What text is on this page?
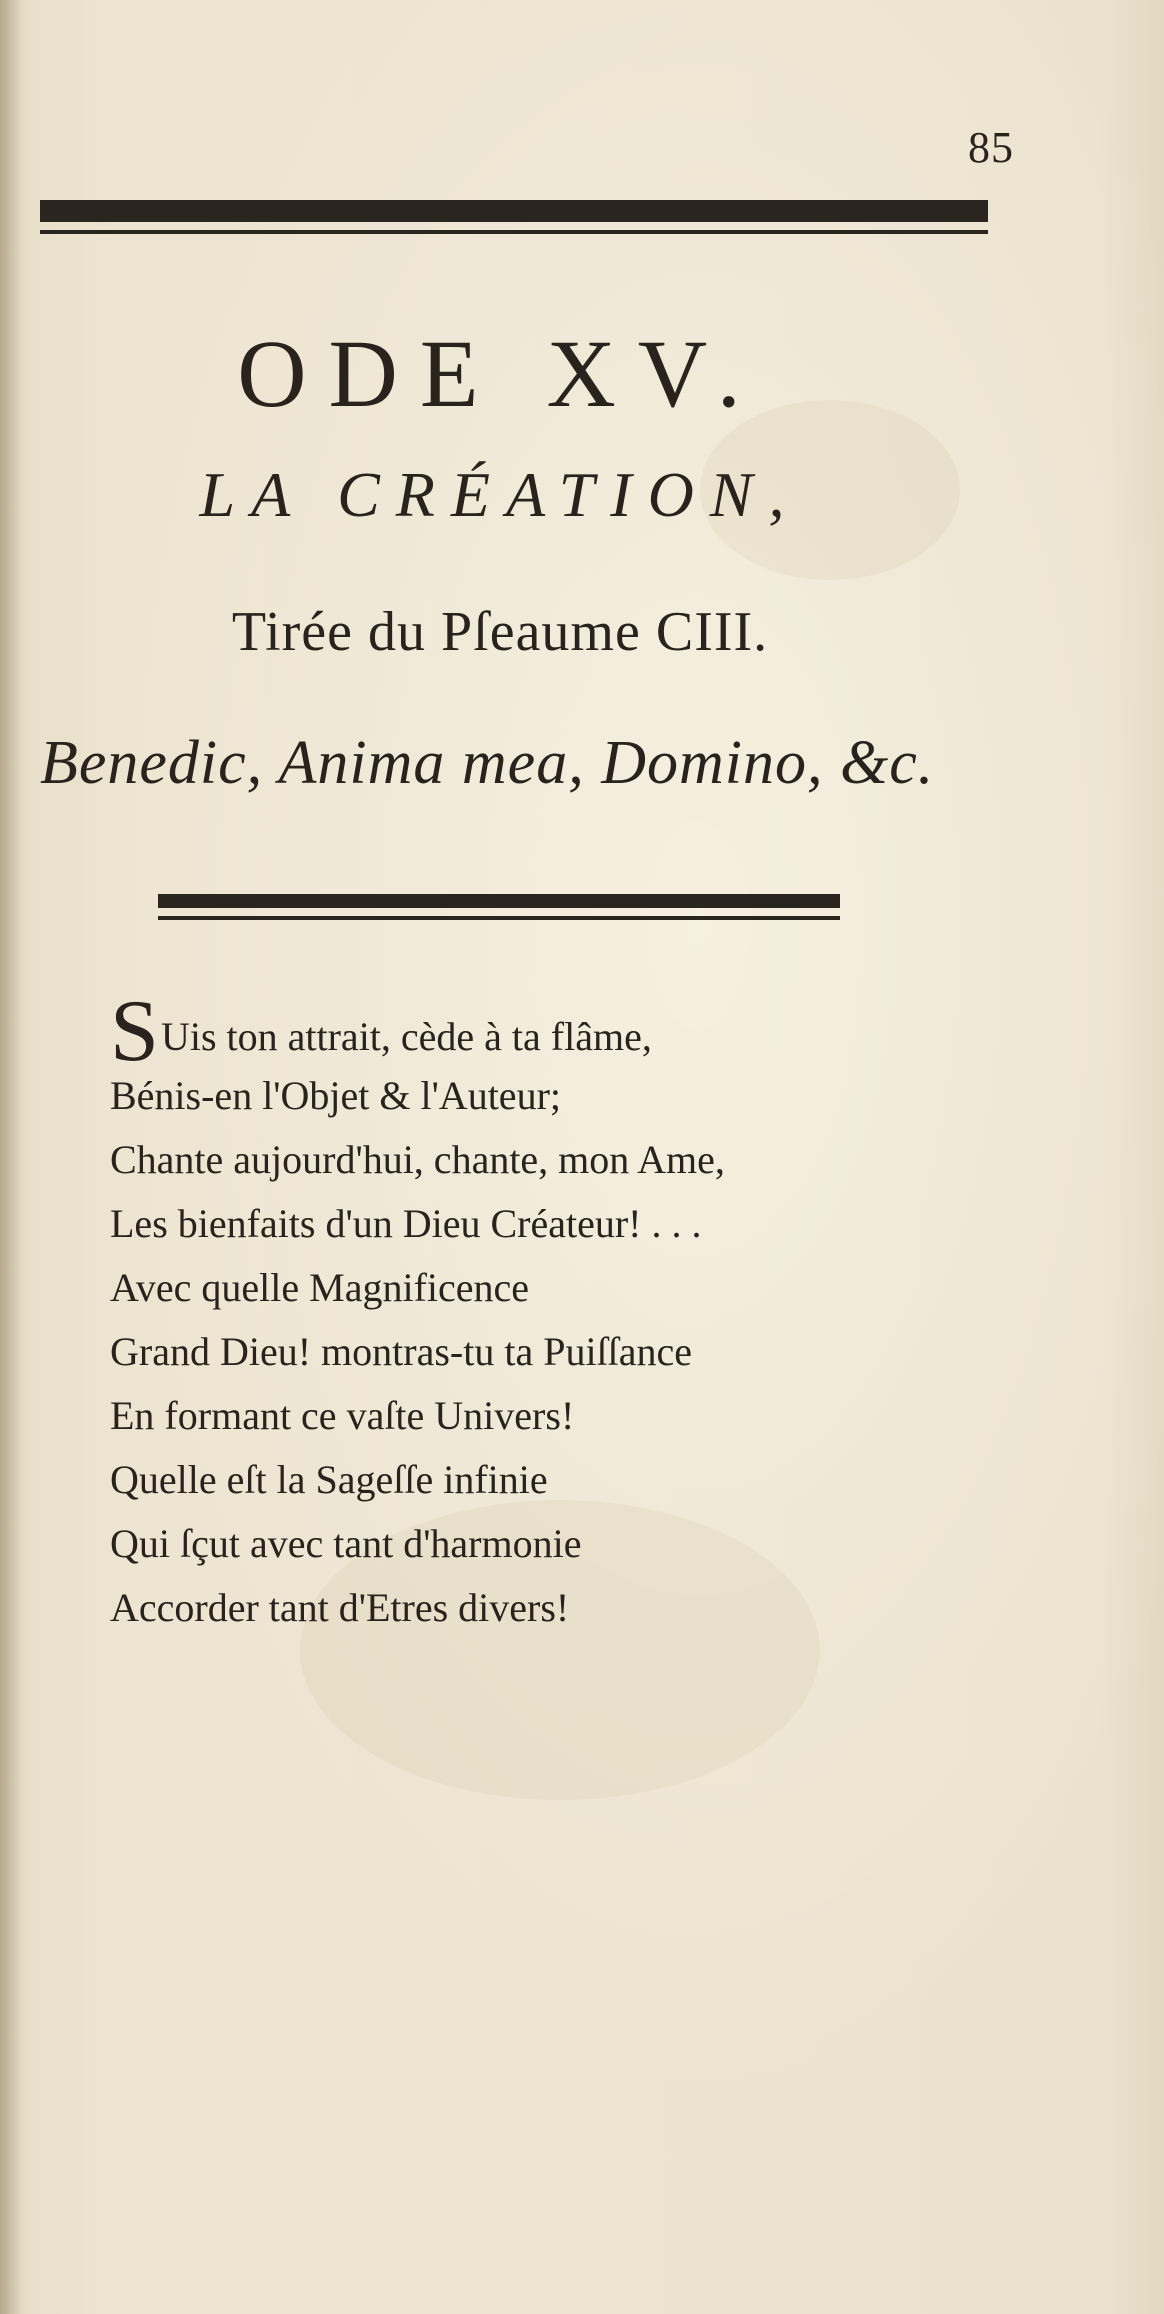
85
ODE XV.
LA CRÉATION,
Tirée du Pſeaume CIII.
Benedic, Anima mea, Domino, &c.
SUis ton attrait, cède à ta flâme,
Bénis-en l'Objet & l'Auteur;
Chante aujourd'hui, chante, mon Ame,
Les bienfaits d'un Dieu Créateur! . . .
Avec quelle Magnificence
Grand Dieu! montras-tu ta Puiſſance
En formant ce vaſte Univers!
Quelle eſt la Sageſſe infinie
Qui ſçut avec tant d'harmonie
Accorder tant d'Etres divers!
